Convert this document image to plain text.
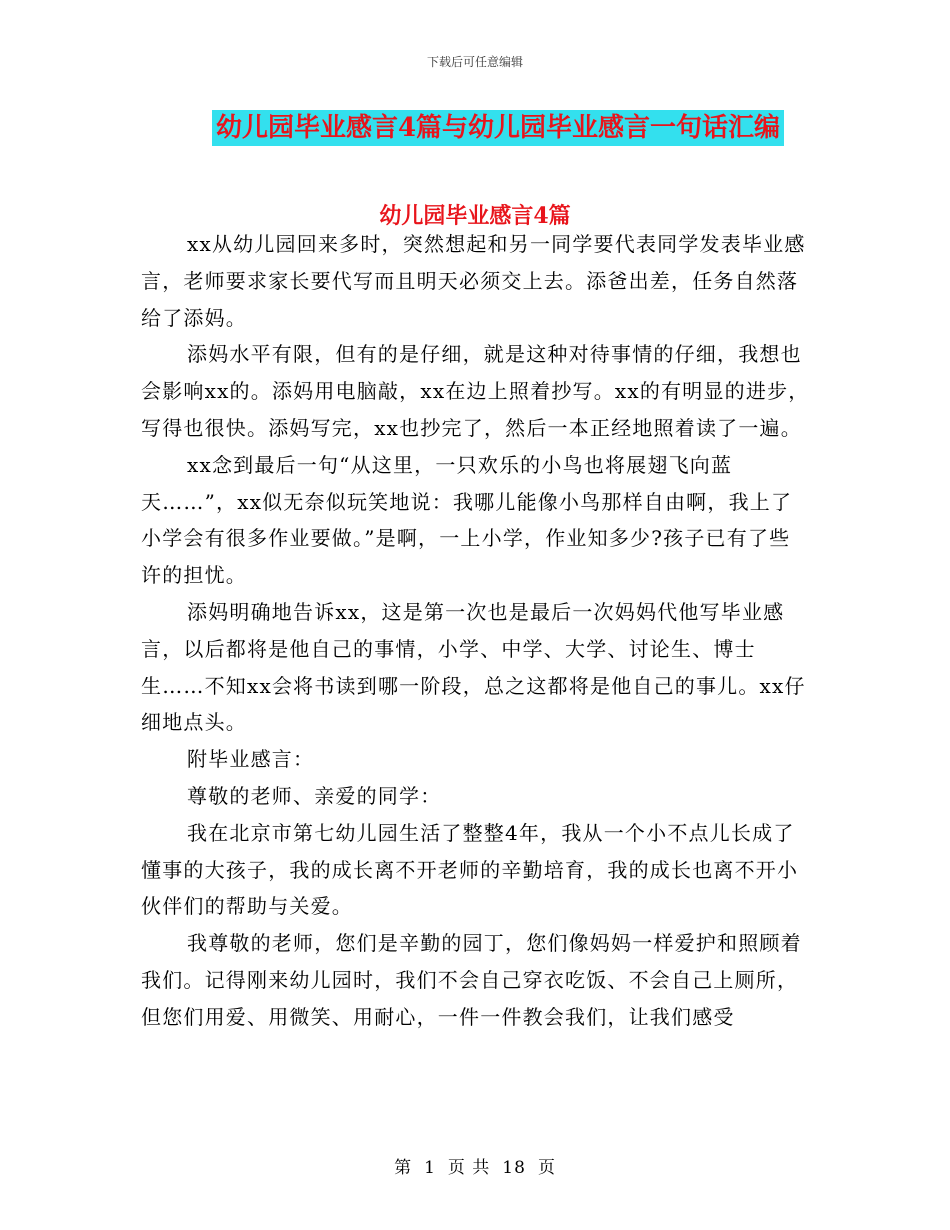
下载后可任意编辑
幼儿园毕业感言4篇与幼儿园毕业感言一句话汇编
幼儿园毕业感言4篇

xx从幼儿园回来多时，突然想起和另一同学要代表同学发表毕业感言，老师要求家长要代写而且明天必须交上去。添爸出差，任务自然落给了添妈。

添妈水平有限，但有的是仔细，就是这种对待事情的仔细，我想也会影响xx的。添妈用电脑敲，xx在边上照着抄写。xx的有明显的进步，写得也很快。添妈写完，xx也抄完了，然后一本正经地照着读了一遍。

xx念到最后一句“从这里，一只欢乐的小鸟也将展翅飞向蓝天……”，xx似无奈似玩笑地说：我哪儿能像小鸟那样自由啊，我上了小学会有很多作业要做。”是啊，一上小学，作业知多少?孩子已有了些许的担忧。

添妈明确地告诉xx，这是第一次也是最后一次妈妈代他写毕业感言，以后都将是他自己的事情，小学、中学、大学、讨论生、博士生……不知xx会将书读到哪一阶段，总之这都将是他自己的事儿。xx仔细地点头。

附毕业感言：

尊敬的老师、亲爱的同学：

我在北京市第七幼儿园生活了整整4年，我从一个小不点儿长成了懂事的大孩子，我的成长离不开老师的辛勤培育，我的成长也离不开小伙伴们的帮助与关爱。

我尊敬的老师，您们是辛勤的园丁，您们像妈妈一样爱护和照顾着我们。记得刚来幼儿园时，我们不会自己穿衣吃饭、不会自己上厕所，但您们用爱、用微笑、用耐心，一件一件教会我们，让我们感受

第 1 页 共 18 页
